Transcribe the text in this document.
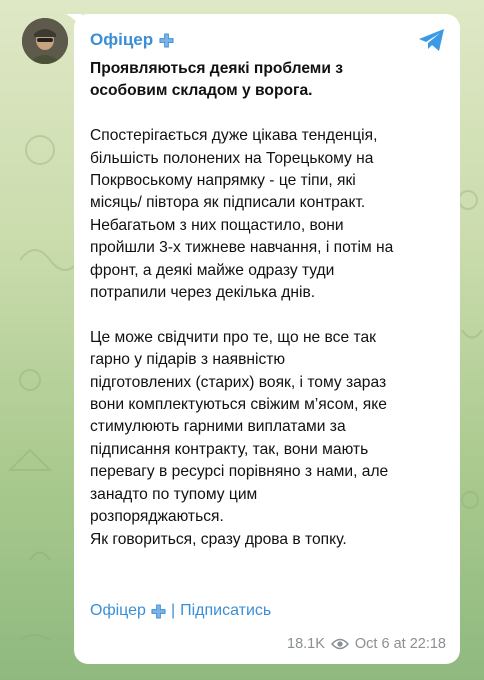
Офіцер
Проявляються деякі проблеми з
особовим складом у ворога.
Спостерігається дуже цікава тенденція,
більшість полонених на Торецькому на
Покрвоському напрямку - це тіпи, які
місяць/ півтора як підписали контракт.
Небагатьом з них пощастило, вони
пройшли 3-х тижневе навчання, і потім на
фронт, а деякі майже одразу туди
потрапили через декілька днів.
Це може свідчити про те, що не все так
гарно у підарів з наявністю
підготовлених (старих) вояк, і тому зараз
вони комплектуються свіжим м’ясом, яке
стимулюють гарними виплатами за
підписання контракту, так, вони мають
перевагу в ресурсі порівняно з нами, але
занадто по тупому цим
розпоряджаються.
Як говориться, сразу дрова в топку.
Офіцер | Підписатись
18.1K Oct 6 at 22:18
